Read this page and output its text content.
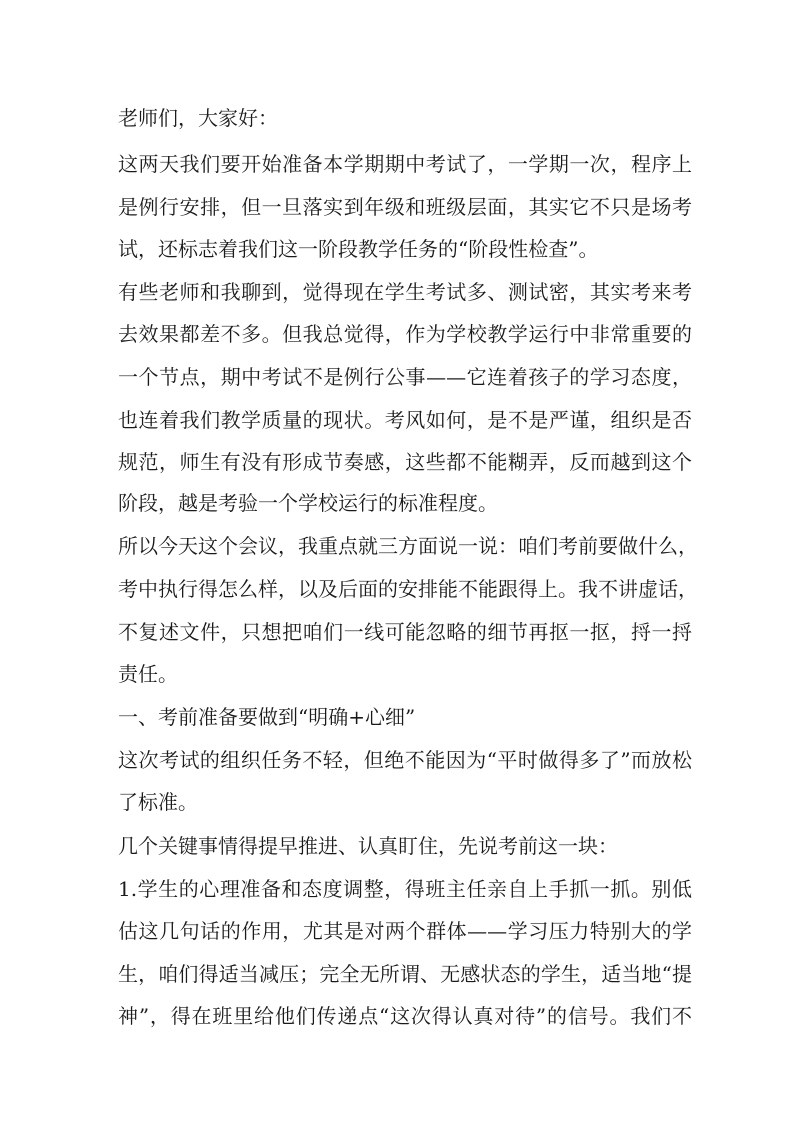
老师们，大家好：
这两天我们要开始准备本学期期中考试了，一学期一次，程序上
是例行安排，但一旦落实到年级和班级层面，其实它不只是场考
试，还标志着我们这一阶段教学任务的“阶段性检查”。
有些老师和我聊到，觉得现在学生考试多、测试密，其实考来考
去效果都差不多。但我总觉得，作为学校教学运行中非常重要的
一个节点，期中考试不是例行公事——它连着孩子的学习态度，
也连着我们教学质量的现状。考风如何，是不是严谨，组织是否
规范，师生有没有形成节奏感，这些都不能糊弄，反而越到这个
阶段，越是考验一个学校运行的标准程度。
所以今天这个会议，我重点就三方面说一说：咱们考前要做什么，
考中执行得怎么样，以及后面的安排能不能跟得上。我不讲虚话，
不复述文件，只想把咱们一线可能忽略的细节再抠一抠，捋一捋
责任。
一、考前准备要做到“明确+心细”
这次考试的组织任务不轻，但绝不能因为“平时做得多了”而放松
了标准。
几个关键事情得提早推进、认真盯住，先说考前这一块：
1.学生的心理准备和态度调整，得班主任亲自上手抓一抓。别低
估这几句话的作用，尤其是对两个群体——学习压力特别大的学
生，咱们得适当减压；完全无所谓、无感状态的学生，适当地“提
神”，得在班里给他们传递点“这次得认真对待”的信号。我们不
